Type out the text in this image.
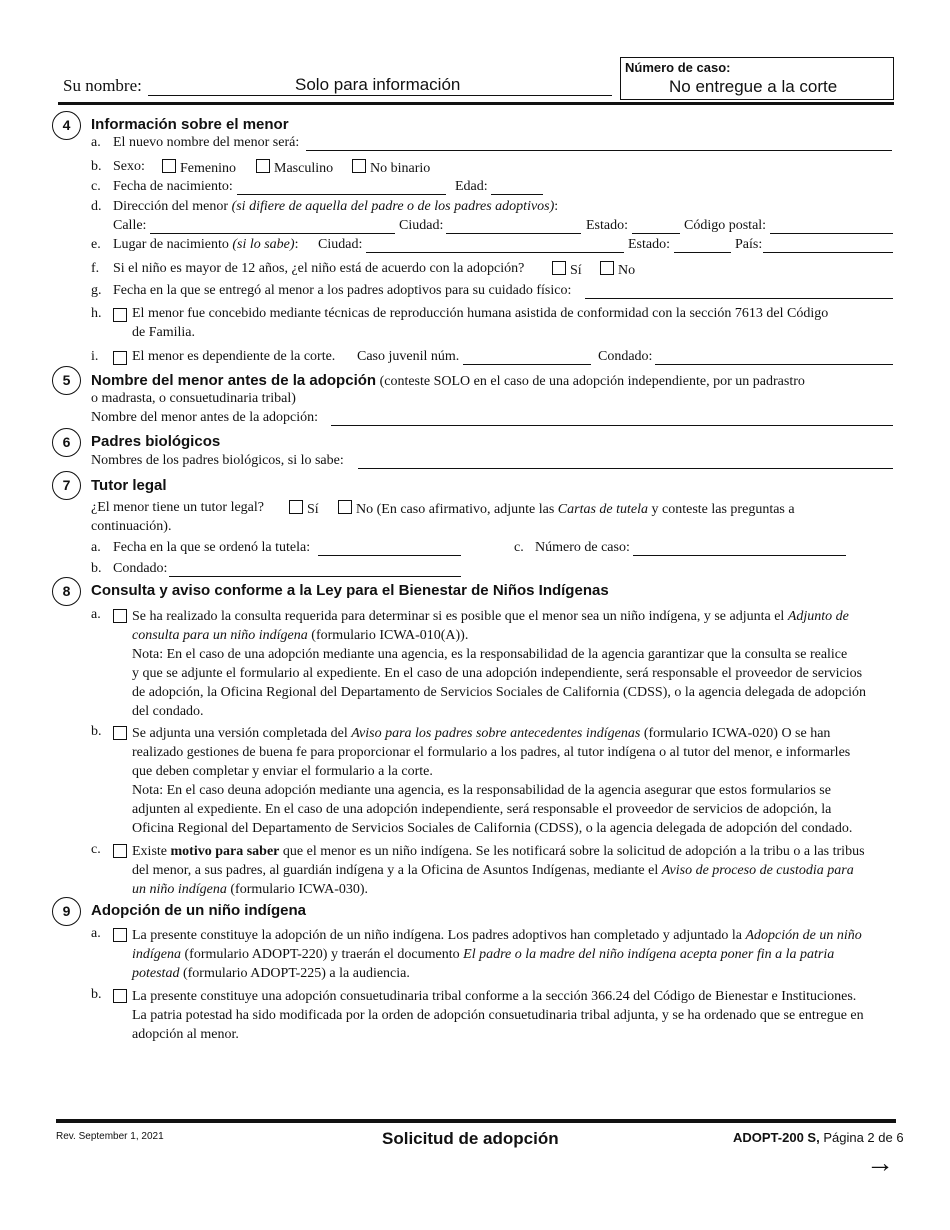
Su nombre:	Solo para información
Número de caso:
No entregue a la corte
4	Información sobre el menor
a. El nuevo nombre del menor será:
b. Sexo:	Femenino	Masculino	No binario
c. Fecha de nacimiento:	Edad:
d. Dirección del menor (si difiere de aquella del padre o de los padres adoptivos):
Calle:	Ciudad:	Estado:	Código postal:
e. Lugar de nacimiento (si lo sabe): Ciudad:	Estado:	País:
f. Si el niño es mayor de 12 años, ¿el niño está de acuerdo con la adopción?	Sí	No
g. Fecha en la que se entregó al menor a los padres adoptivos para su cuidado físico:
h. El menor fue concebido mediante técnicas de reproducción humana asistida de conformidad con la sección 7613 del Código
de Familia.
i. El menor es dependiente de la corte. Caso juvenil núm.	Condado:
5	Nombre del menor antes de la adopción (conteste SOLO en el caso de una adopción independiente, por un padrastro
o madrasta, o consuetudinaria tribal)
Nombre del menor antes de la adopción:
6	Padres biológicos
Nombres de los padres biológicos, si lo sabe:
7	Tutor legal
¿El menor tiene un tutor legal?	Sí	No (En caso afirmativo, adjunte las Cartas de tutela y conteste las preguntas a
continuación).
a. Fecha en la que se ordenó la tutela:	c. Número de caso:
b. Condado:
8	Consulta y aviso conforme a la Ley para el Bienestar de Niños Indígenas
a. Se ha realizado la consulta requerida para determinar si es posible que el menor sea un niño indígena, y se adjunta el Adjunto de
consulta para un niño indígena (formulario ICWA-010(A)).
Nota: En el caso de una adopción mediante una agencia, es la responsabilidad de la agencia garantizar que la consulta se realice
y que se adjunte el formulario al expediente. En el caso de una adopción independiente, será responsable el proveedor de servicios
de adopción, la Oficina Regional del Departamento de Servicios Sociales de California (CDSS), o la agencia delegada de adopción
del condado.
b. Se adjunta una versión completada del Aviso para los padres sobre antecedentes indígenas (formulario ICWA-020) O se han
realizado gestiones de buena fe para proporcionar el formulario a los padres, al tutor indígena o al tutor del menor, e informarles
que deben completar y enviar el formulario a la corte.
Nota: En el caso deuna adopción mediante una agencia, es la responsabilidad de la agencia asegurar que estos formularios se
adjunten al expediente. En el caso de una adopción independiente, será responsable el proveedor de servicios de adopción, la
Oficina Regional del Departamento de Servicios Sociales de California (CDSS), o la agencia delegada de adopción del condado.
c. Existe motivo para saber que el menor es un niño indígena. Se les notificará sobre la solicitud de adopción a la tribu o a las tribus
del menor, a sus padres, al guardián indígena y a la Oficina de Asuntos Indígenas, mediante el Aviso de proceso de custodia para
un niño indígena (formulario ICWA-030).
9	Adopción de un niño indígena
a. La presente constituye la adopción de un niño indígena. Los padres adoptivos han completado y adjuntado la Adopción de un niño
indígena (formulario ADOPT-220) y traerán el documento El padre o la madre del niño indígena acepta poner fin a la patria
potestad (formulario ADOPT-225) a la audiencia.
b. La presente constituye una adopción consuetudinaria tribal conforme a la sección 366.24 del Código de Bienestar e Instituciones.
La patria potestad ha sido modificada por la orden de adopción consuetudinaria tribal adjunta, y se ha ordenado que se entregue en
adopción al menor.
Rev. September 1, 2021	Solicitud de adopción	ADOPT-200 S, Página 2 de 6
→
